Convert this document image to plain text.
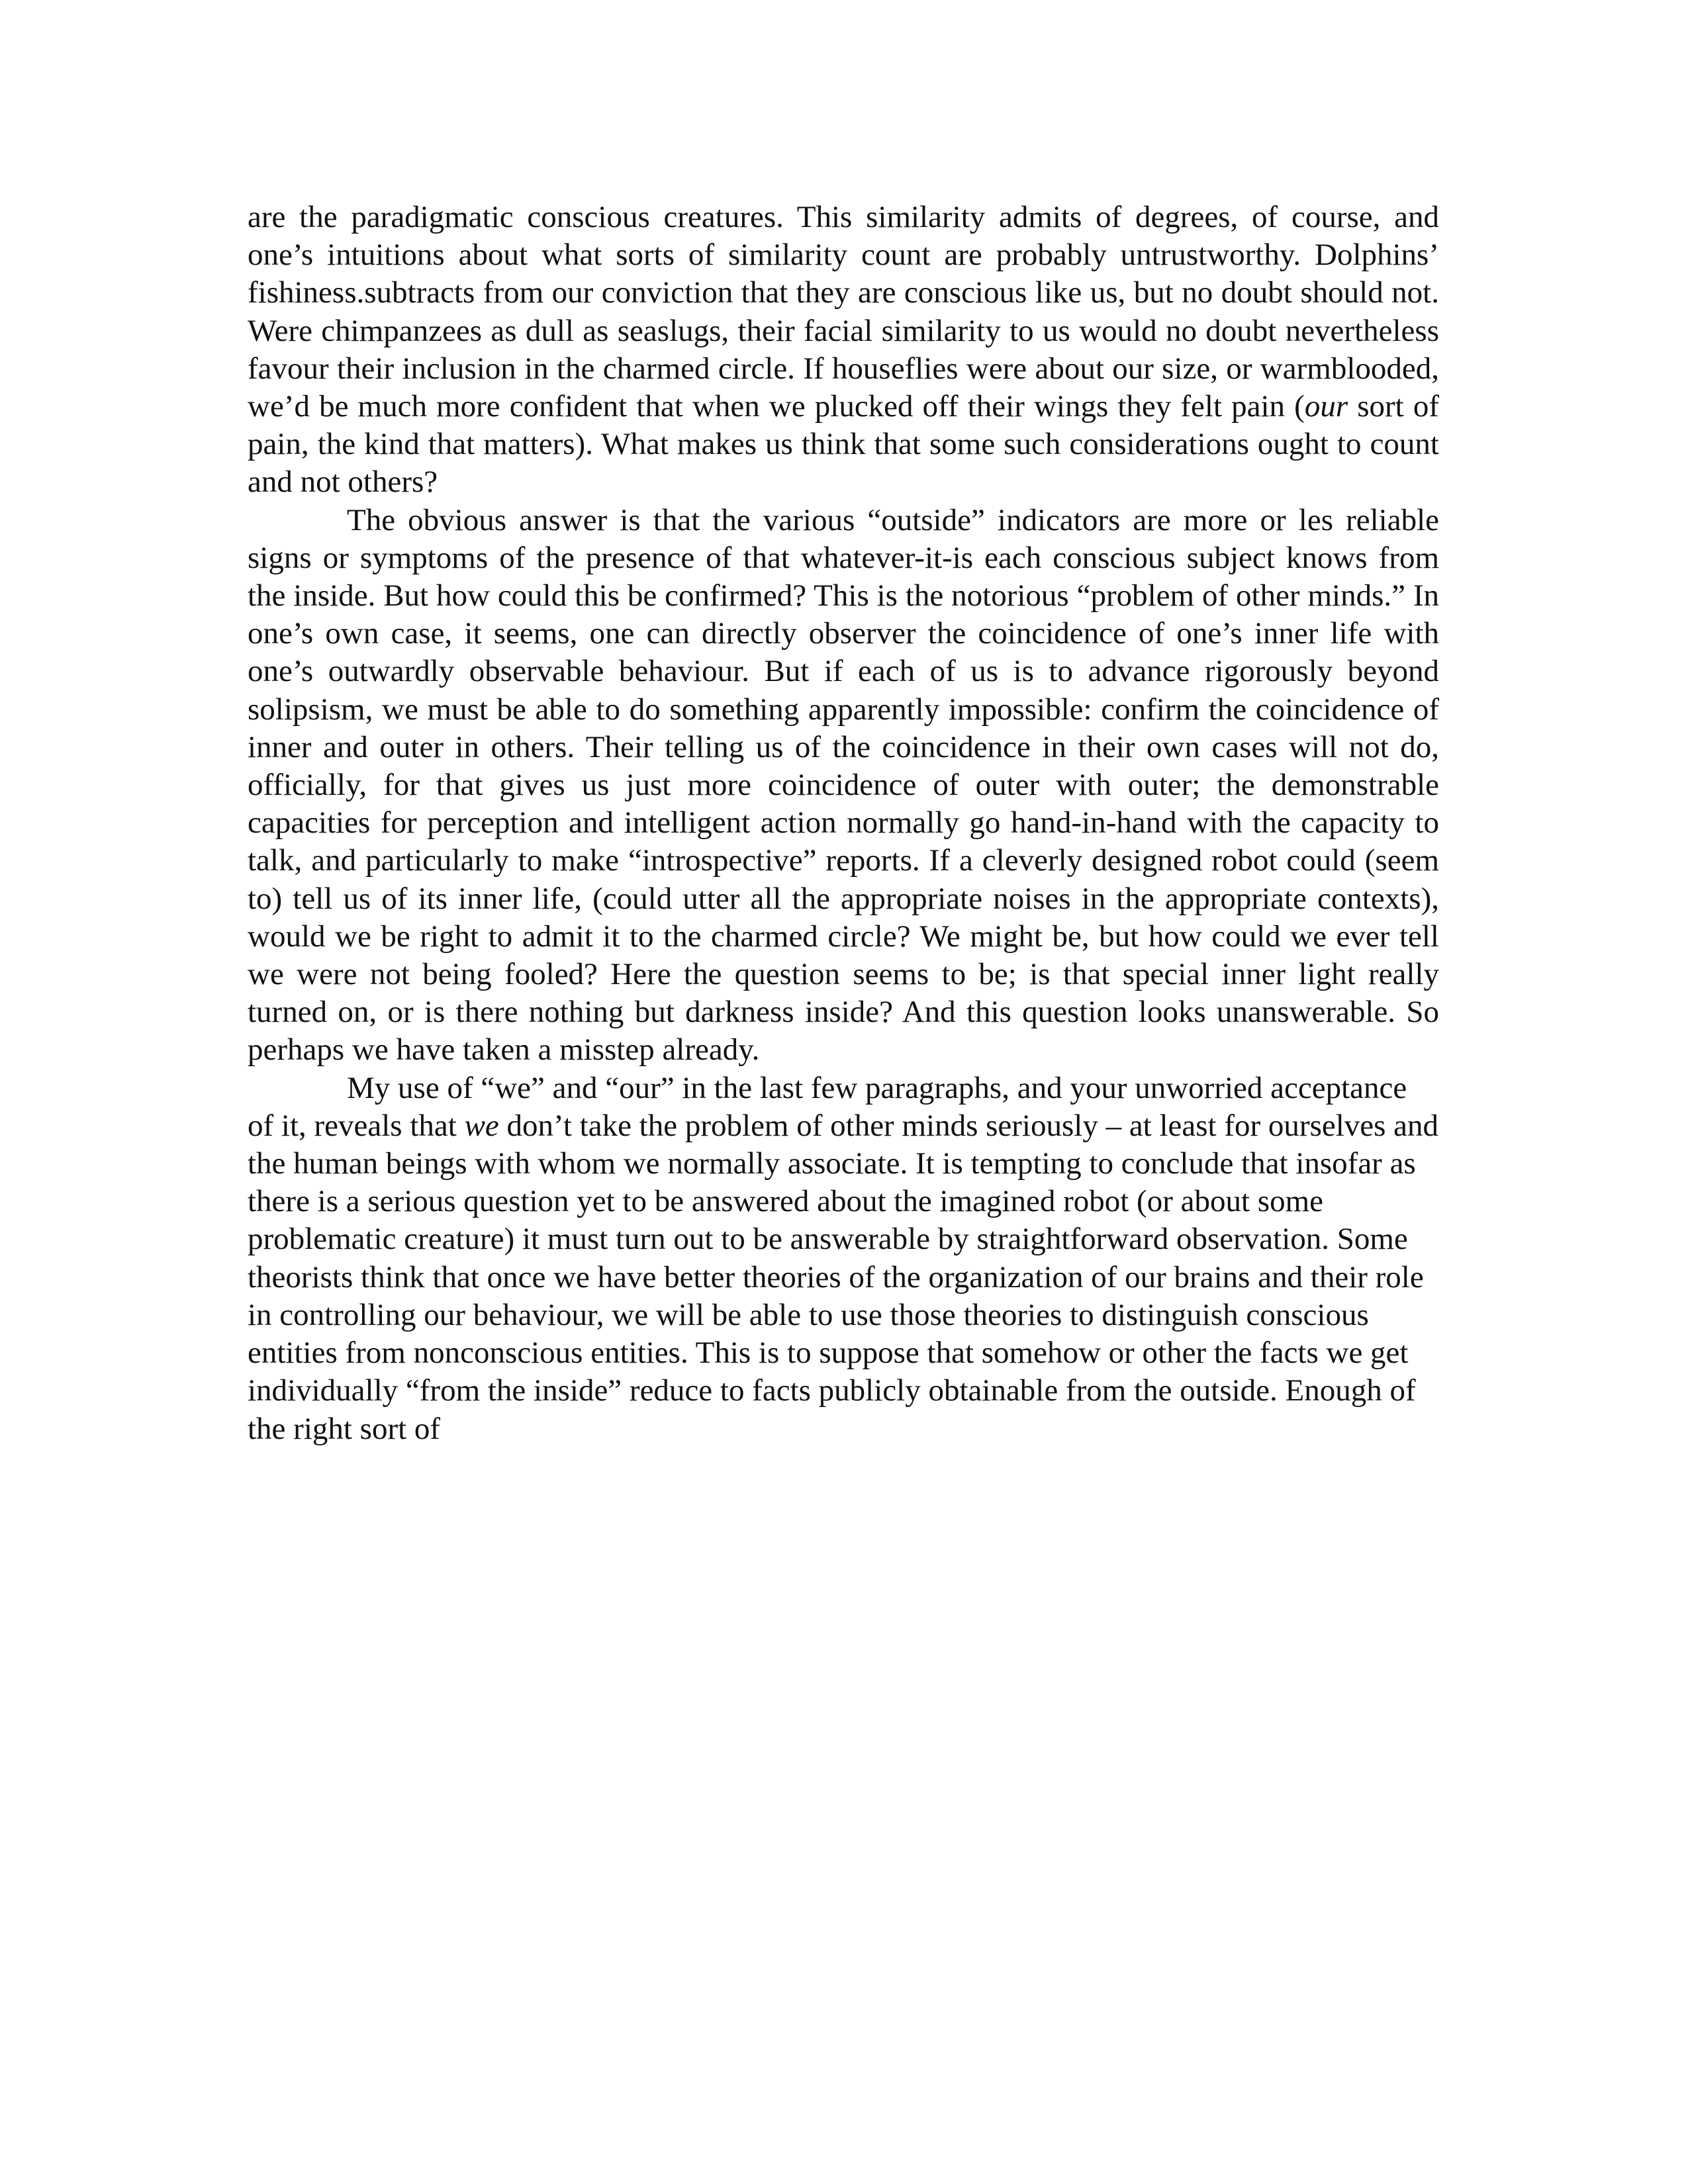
are the paradigmatic conscious creatures. This similarity admits of degrees, of course, and one’s intuitions about what sorts of similarity count are probably untrustworthy. Dolphins’ fishiness.subtracts from our conviction that they are conscious like us, but no doubt should not. Were chimpanzees as dull as seaslugs, their facial similarity to us would no doubt nevertheless favour their inclusion in the charmed circle. If houseflies were about our size, or warmblooded, we’d be much more confident that when we plucked off their wings they felt pain (our sort of pain, the kind that matters). What makes us think that some such considerations ought to count and not others?

The obvious answer is that the various “outside” indicators are more or les reliable signs or symptoms of the presence of that whatever-it-is each conscious subject knows from the inside. But how could this be confirmed? This is the notorious “problem of other minds.” In one’s own case, it seems, one can directly observer the coincidence of one’s inner life with one’s outwardly observable behaviour. But if each of us is to advance rigorously beyond solipsism, we must be able to do something apparently impossible: confirm the coincidence of inner and outer in others. Their telling us of the coincidence in their own cases will not do, officially, for that gives us just more coincidence of outer with outer; the demonstrable capacities for perception and intelligent action normally go hand-in-hand with the capacity to talk, and particularly to make “introspective” reports. If a cleverly designed robot could (seem to) tell us of its inner life, (could utter all the appropriate noises in the appropriate contexts), would we be right to admit it to the charmed circle? We might be, but how could we ever tell we were not being fooled? Here the question seems to be; is that special inner light really turned on, or is there nothing but darkness inside? And this question looks unanswerable. So perhaps we have taken a misstep already.

My use of “we” and “our” in the last few paragraphs, and your unworried acceptance of it, reveals that we don’t take the problem of other minds seriously – at least for ourselves and the human beings with whom we normally associate. It is tempting to conclude that insofar as there is a serious question yet to be answered about the imagined robot (or about some problematic creature) it must turn out to be answerable by straightforward observation. Some theorists think that once we have better theories of the organization of our brains and their role in controlling our behaviour, we will be able to use those theories to distinguish conscious entities from nonconscious entities. This is to suppose that somehow or other the facts we get individually “from the inside” reduce to facts publicly obtainable from the outside. Enough of the right sort of
